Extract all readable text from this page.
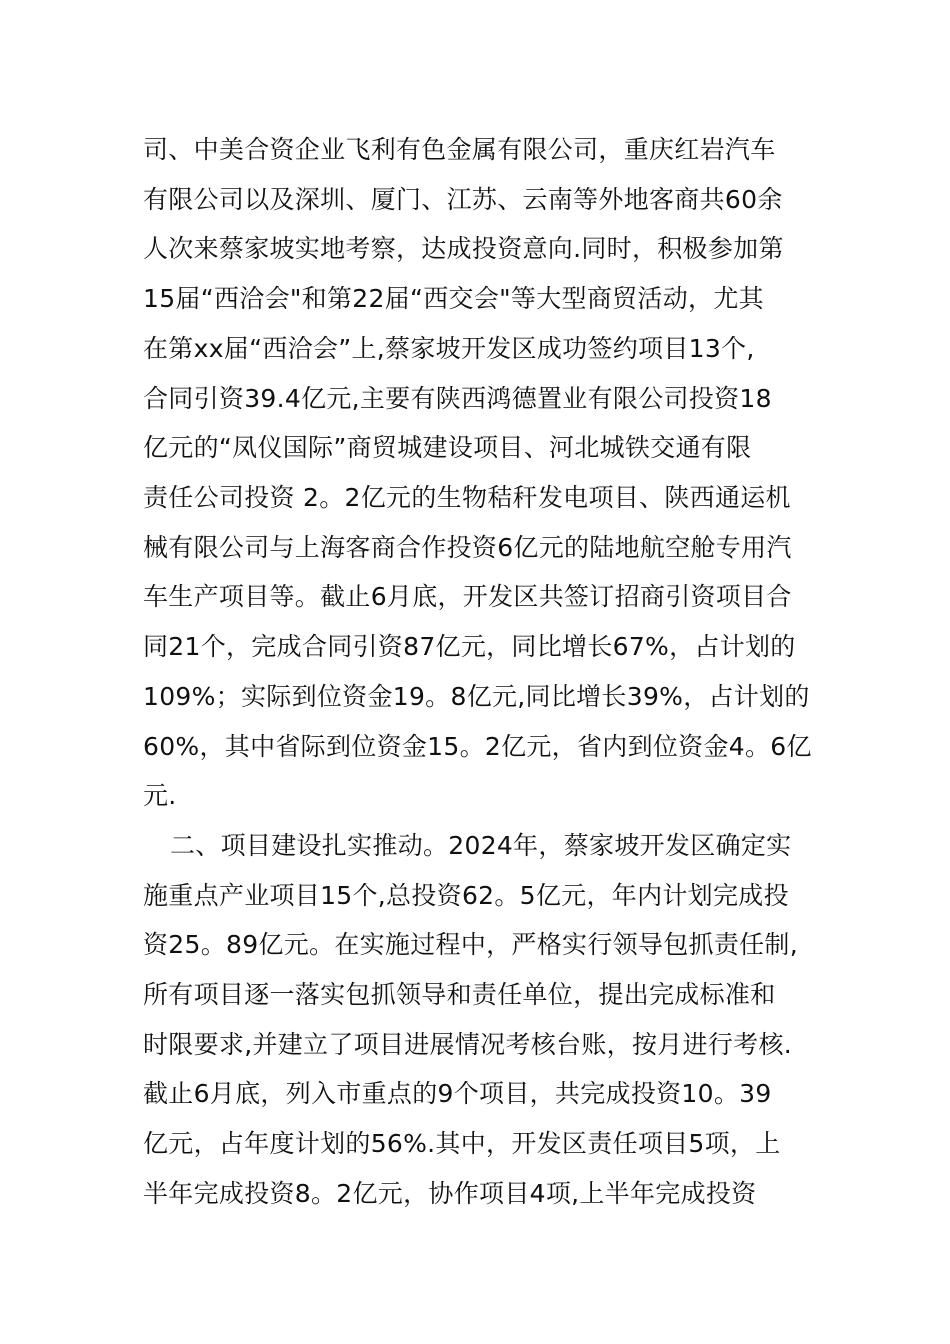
司、中美合资企业飞利有色金属有限公司，重庆红岩汽车
有限公司以及深圳、厦门、江苏、云南等外地客商共60余
人次来蔡家坡实地考察，达成投资意向.同时，积极参加第
15届“西洽会"和第22届“西交会"等大型商贸活动，尤其
在第xx届“西洽会”上,蔡家坡开发区成功签约项目13个,
合同引资39.4亿元,主要有陕西鸿德置业有限公司投资18
亿元的“凤仪国际”商贸城建设项目、河北城铁交通有限
责任公司投资 2。2亿元的生物秸秆发电项目、陕西通运机
械有限公司与上海客商合作投资6亿元的陆地航空舱专用汽
车生产项目等。截止6月底，开发区共签订招商引资项目合
同21个，完成合同引资87亿元，同比增长67%，占计划的
109%；实际到位资金19。8亿元,同比增长39%，占计划的
60%，其中省际到位资金15。2亿元，省内到位资金4。6亿
元.
二、项目建设扎实推动。2024年，蔡家坡开发区确定实
施重点产业项目15个,总投资62。5亿元，年内计划完成投
资25。89亿元。在实施过程中，严格实行领导包抓责任制,
所有项目逐一落实包抓领导和责任单位，提出完成标准和
时限要求,并建立了项目进展情况考核台账，按月进行考核.
截止6月底，列入市重点的9个项目，共完成投资10。39
亿元，占年度计划的56%.其中，开发区责任项目5项，上
半年完成投资8。2亿元，协作项目4项,上半年完成投资
